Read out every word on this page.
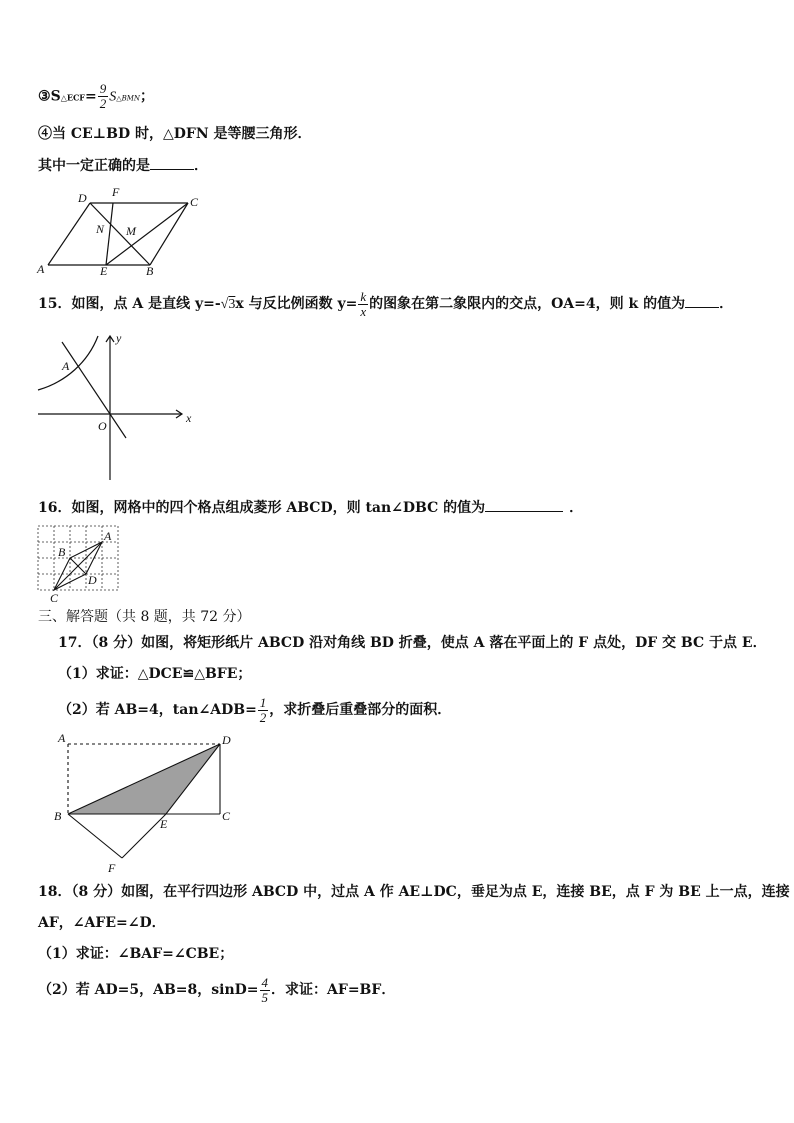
③S△ECF= $\frac{9}{2}$ S△BMN；
④当 CE⊥BD 时，△DFN 是等腰三角形．
其中一定正确的是	．
D F
C
N M
A	E	B
15．如图，点 A 是直线 y=-√3x 与反比例函数 $y= \frac{k}{x}$ 的图象在第二象限内的交点，OA=4，则 k 的值为 ．
y
A
x
O
16．如图，网格中的四个格点组成菱形 ABCD，则 tan∠DBC 的值为	．
A
B
D
C
三、解答题（共 8 题，共 72 分）
17．（8 分）如图，将矩形纸片 ABCD 沿对角线 BD 折叠，使点 A 落在平面上的 F 点处，DF 交 BC 于点 E．
（1）求证：△DCE≌△BFE；
（2）若 AB=4，tan∠ADB= $\frac{1}{2}$ ，求折叠后重叠部分的面积．
A	D
B
E
C
F
18．（8 分）如图，在平行四边形 ABCD 中，过点 A 作 AE⊥DC，垂足为点 E，连接 BE，点 F 为 BE 上一点，连接
AF，∠AFE=∠D．
（1）求证：∠BAF=∠CBE；
（2）若 AD=5，AB=8，$\sin D= \frac{4}{5}$ ．求证：AF=BF．
